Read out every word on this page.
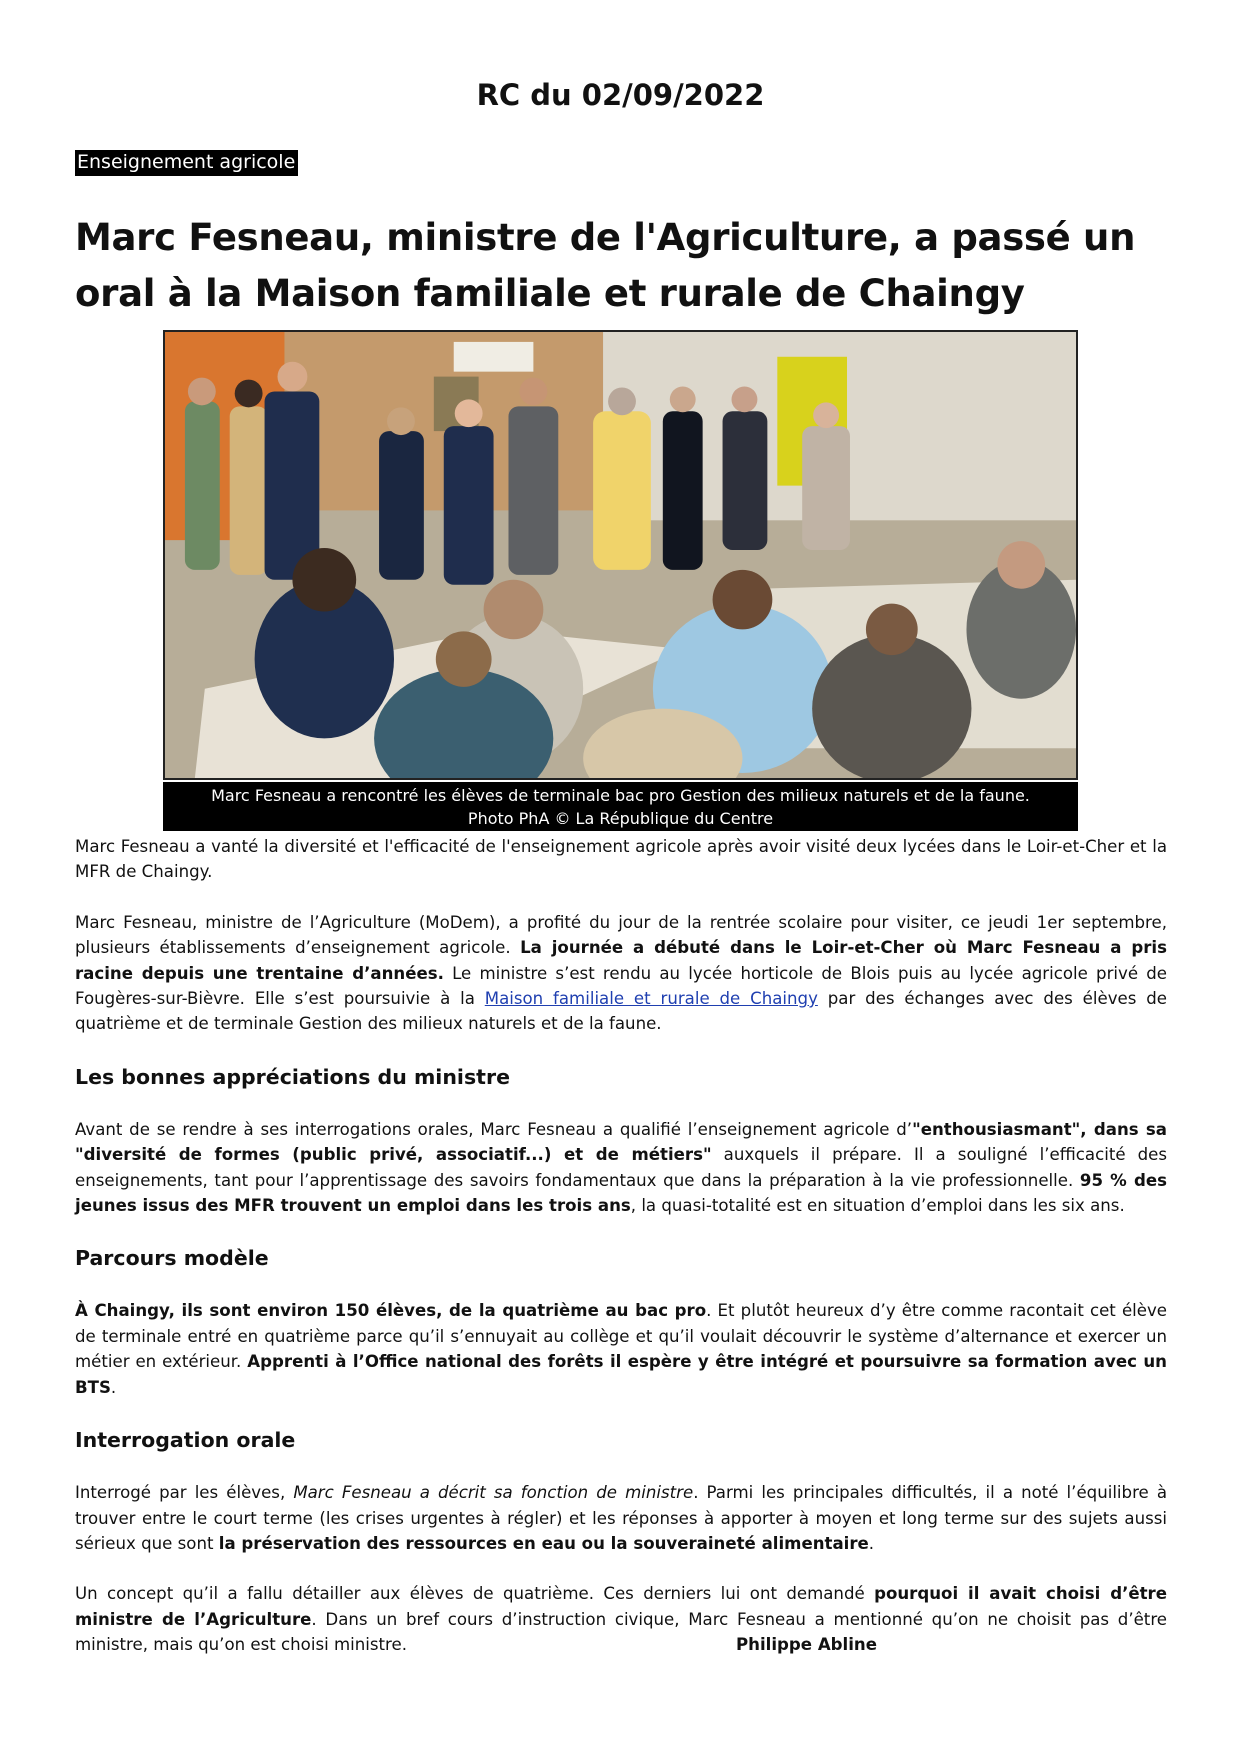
RC du 02/09/2022
Enseignement agricole
Marc Fesneau, ministre de l'Agriculture, a passé un oral à la Maison familiale et rurale de Chaingy
Marc Fesneau a rencontré les élèves de terminale bac pro Gestion des milieux naturels et de la faune.
Photo PhA © La République du Centre

Marc Fesneau a vanté la diversité et l'efficacité de l'enseignement agricole après avoir visité deux lycées dans le Loir-et-Cher et la MFR de Chaingy.

Marc Fesneau, ministre de l’Agriculture (MoDem), a profité du jour de la rentrée scolaire pour visiter, ce jeudi 1er septembre, plusieurs établissements d’enseignement agricole. La journée a débuté dans le Loir-et-Cher où Marc Fesneau a pris racine depuis une trentaine d’années. Le ministre s’est rendu au lycée horticole de Blois puis au lycée agricole privé de Fougères-sur-Bièvre. Elle s’est poursuivie à la Maison familiale et rurale de Chaingy par des échanges avec des élèves de quatrième et de terminale Gestion des milieux naturels et de la faune.

Les bonnes appréciations du ministre

Avant de se rendre à ses interrogations orales, Marc Fesneau a qualifié l’enseignement agricole d’"enthousiasmant", dans sa "diversité de formes (public privé, associatif...) et de métiers" auxquels il prépare. Il a souligné l’efficacité des enseignements, tant pour l’apprentissage des savoirs fondamentaux que dans la préparation à la vie professionnelle. 95 % des jeunes issus des MFR trouvent un emploi dans les trois ans, la quasi-totalité est en situation d’emploi dans les six ans.

Parcours modèle

À Chaingy, ils sont environ 150 élèves, de la quatrième au bac pro. Et plutôt heureux d’y être comme racontait cet élève de terminale entré en quatrième parce qu’il s’ennuyait au collège et qu’il voulait découvrir le système d’alternance et exercer un métier en extérieur. Apprenti à l’Office national des forêts il espère y être intégré et poursuivre sa formation avec un BTS.

Interrogation orale

Interrogé par les élèves, Marc Fesneau a décrit sa fonction de ministre. Parmi les principales difficultés, il a noté l’équilibre à trouver entre le court terme (les crises urgentes à régler) et les réponses à apporter à moyen et long terme sur des sujets aussi sérieux que sont la préservation des ressources en eau ou la souveraineté alimentaire.

Un concept qu’il a fallu détailler aux élèves de quatrième. Ces derniers lui ont demandé pourquoi il avait choisi d’être ministre de l’Agriculture. Dans un bref cours d’instruction civique, Marc Fesneau a mentionné qu’on ne choisit pas d’être ministre, mais qu’on est choisi ministre.	Philippe Abline
